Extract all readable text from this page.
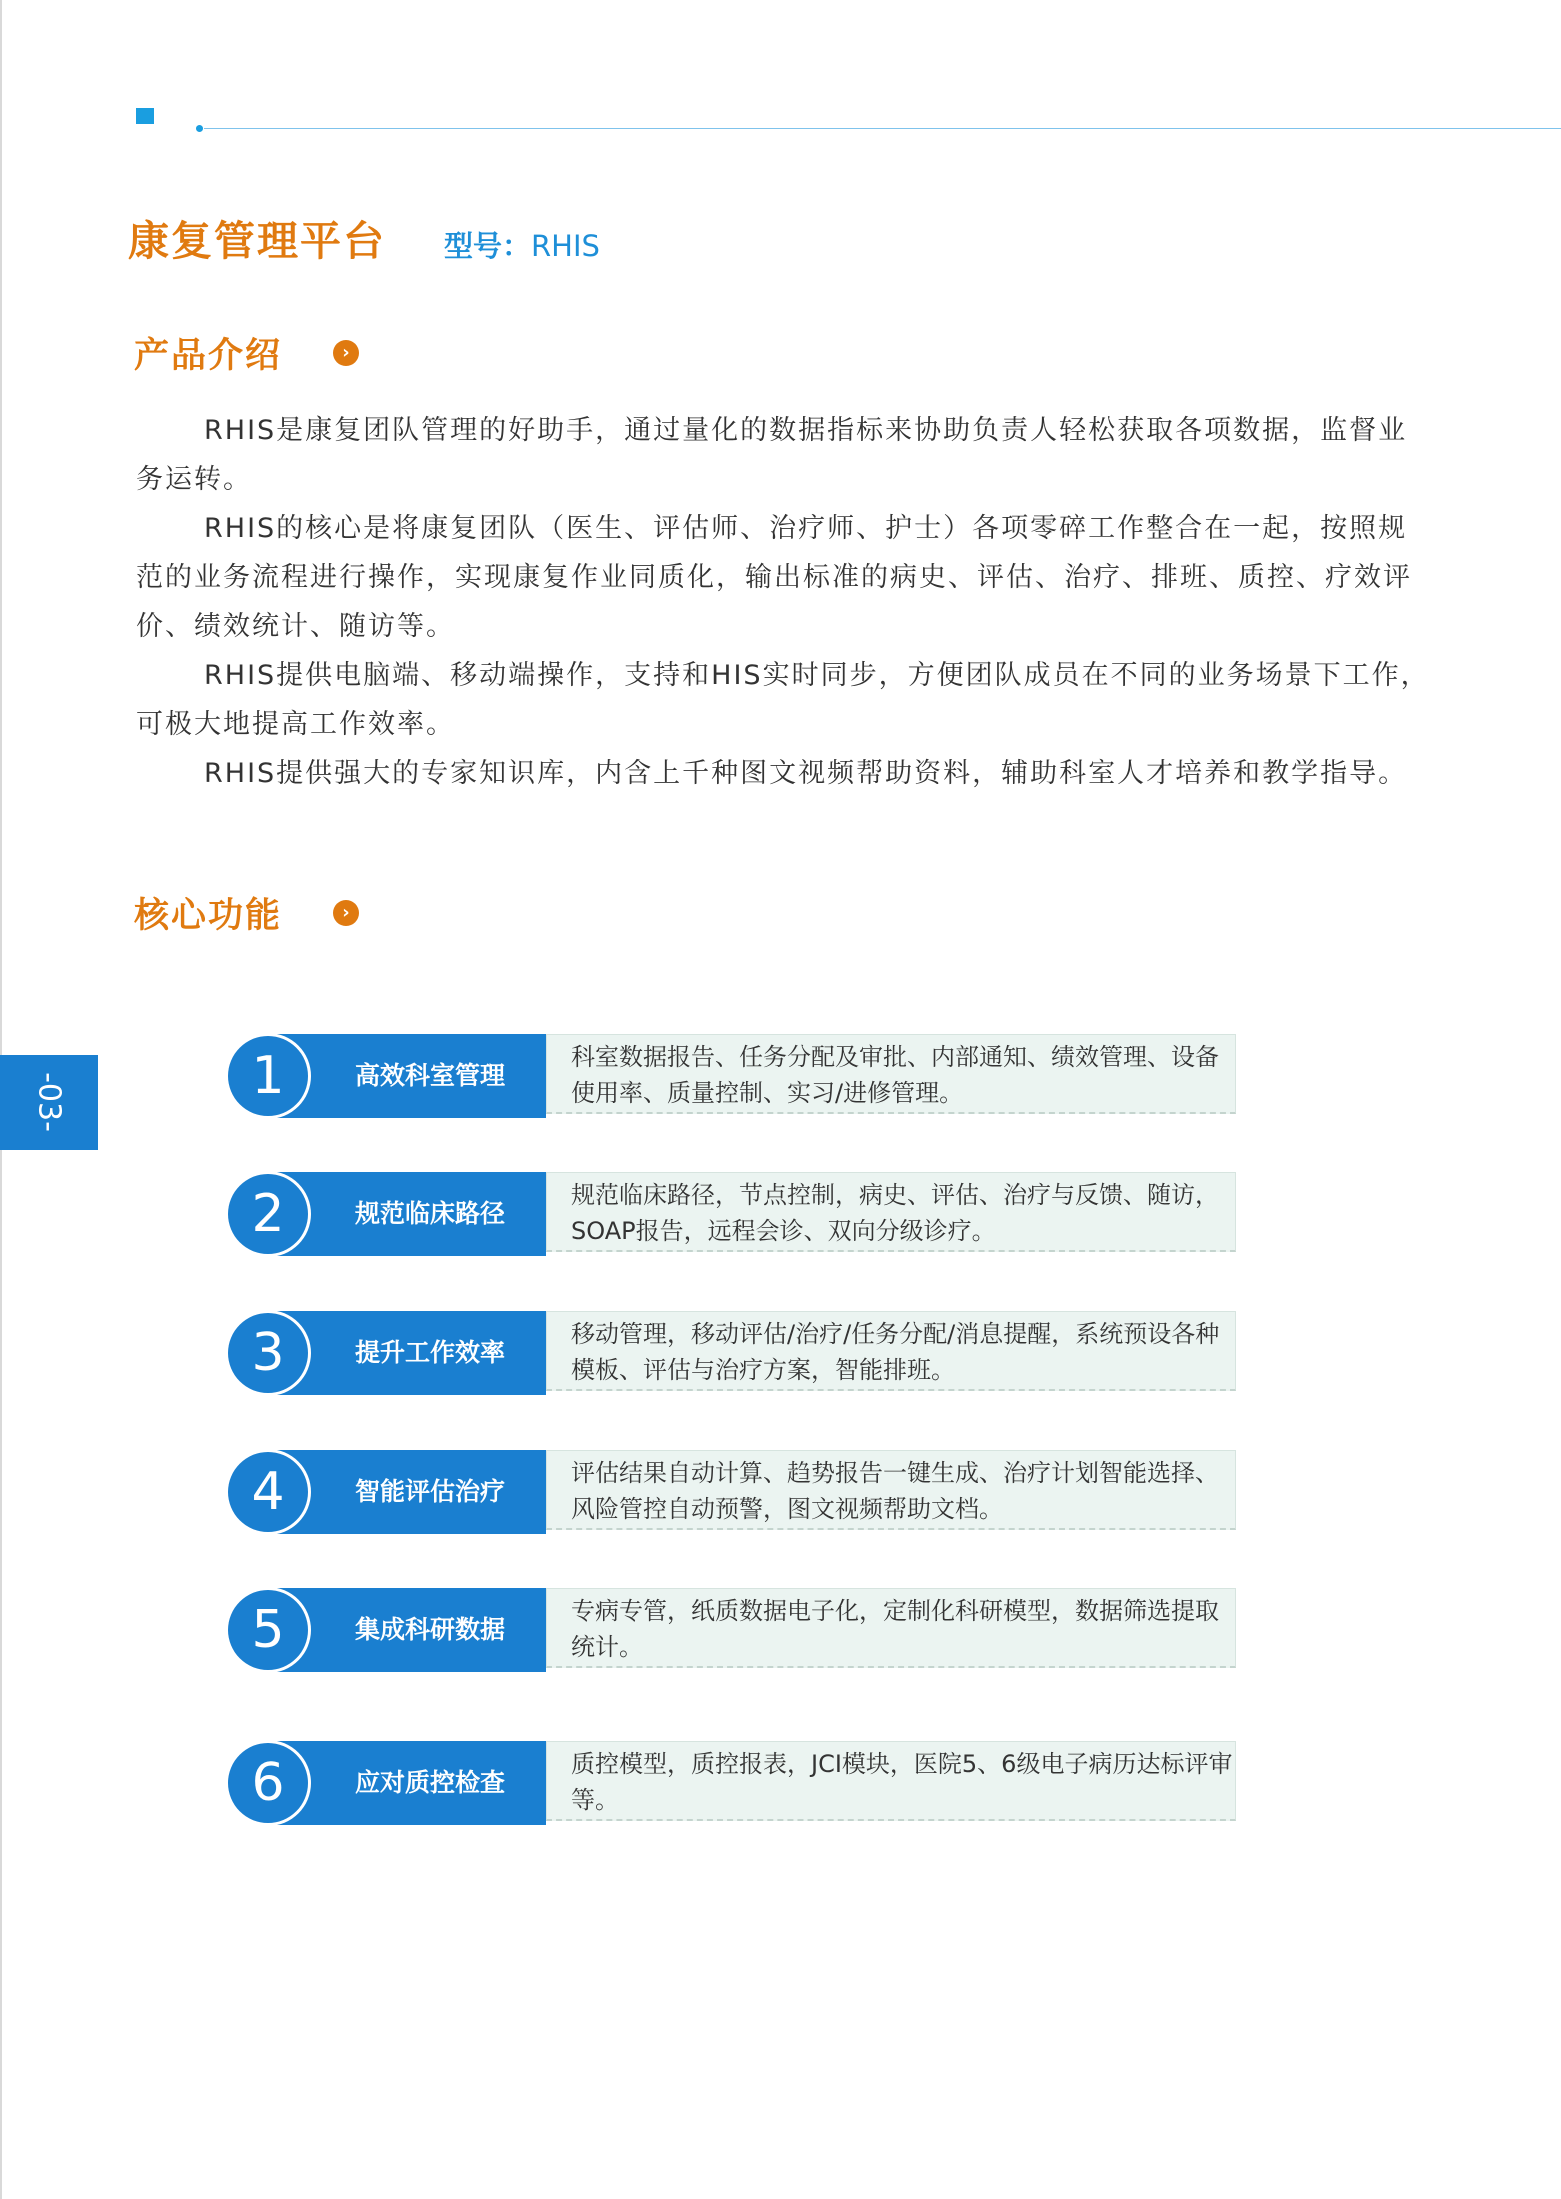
康复管理平台 型号：RHIS
产品介绍	›

RHIS是康复团队管理的好助手，通过量化的数据指标来协助负责人轻松获取各项数据，监督业务运转。

RHIS的核心是将康复团队（医生、评估师、治疗师、护士）各项零碎工作整合在一起，按照规范的业务流程进行操作，实现康复作业同质化，输出标准的病史、评估、治疗、排班、质控、疗效评价、绩效统计、随访等。

RHIS提供电脑端、移动端操作，支持和HIS实时同步，方便团队成员在不同的业务场景下工作，可极大地提高工作效率。

RHIS提供强大的专家知识库，内含上千种图文视频帮助资料，辅助科室人才培养和教学指导。

核心功能	›
-03-	1	高效科室管理
科室数据报告、任务分配及审批、内部通知、绩效管理、设备使用率、质量控制、实习/进修管理。
2	规范临床路径
规范临床路径，节点控制，病史、评估、治疗与反馈、随访，SOAP报告，远程会诊、双向分级诊疗。
3	提升工作效率
移动管理，移动评估/治疗/任务分配/消息提醒，系统预设各种模板、评估与治疗方案，智能排班。
4	智能评估治疗
评估结果自动计算、趋势报告一键生成、治疗计划智能选择、风险管控自动预警，图文视频帮助文档。
5	集成科研数据
专病专管，纸质数据电子化，定制化科研模型，数据筛选提取统计。
6	应对质控检查
质控模型，质控报表，JCI模块，医院5、6级电子病历达标评审等。
